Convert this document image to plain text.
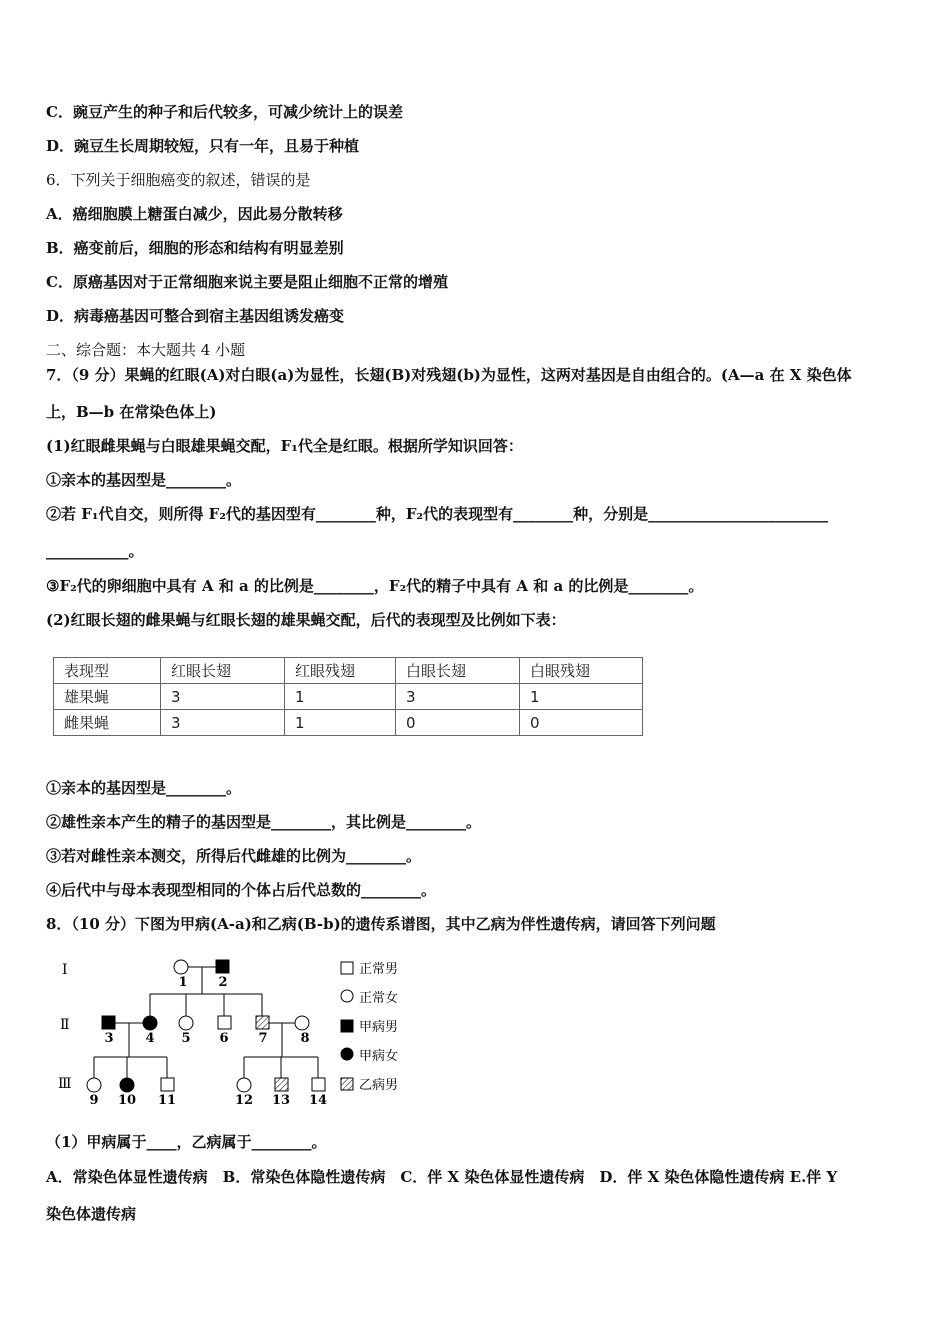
C．豌豆产生的种子和后代较多，可减少统计上的误差
D．豌豆生长周期较短，只有一年，且易于种植
6．下列关于细胞癌变的叙述，错误的是
A．癌细胞膜上糖蛋白减少，因此易分散转移
B．癌变前后，细胞的形态和结构有明显差别
C．原癌基因对于正常细胞来说主要是阻止细胞不正常的增殖
D．病毒癌基因可整合到宿主基因组诱发癌变
二、综合题：本大题共 4 小题
7．（9 分）果蝇的红眼(A)对白眼(a)为显性，长翅(B)对残翅(b)为显性，这两对基因是自由组合的。(A—a 在 X 染色体
上，B—b 在常染色体上)
(1)红眼雌果蝇与白眼雄果蝇交配，F₁代全是红眼。根据所学知识回答：
①亲本的基因型是________。
②若 F₁代自交，则所得 F₂代的基因型有________种，F₂代的表现型有________种，分别是________________________
___________。
③F₂代的卵细胞中具有 A 和 a 的比例是________，F₂代的精子中具有 A 和 a 的比例是________。
(2)红眼长翅的雌果蝇与红眼长翅的雄果蝇交配，后代的表现型及比例如下表：
表现型	红眼长翅	红眼残翅	白眼长翅	白眼残翅
雄果蝇	3	1	3	1
雌果蝇	3	1	0	0
①亲本的基因型是________。
②雄性亲本产生的精子的基因型是________，其比例是________。
③若对雌性亲本测交，所得后代雌雄的比例为________。
④后代中与母本表现型相同的个体占后代总数的________。
8．（10 分）下图为甲病(A-a)和乙病(B-b)的遗传系谱图，其中乙病为伴性遗传病，请回答下列问题
Ⅰ
Ⅱ
Ⅲ
1 2
3 4 5 6 7	8
9 10 11	12 13 14
正常男
正常女
甲病男
甲病女
乙病男
（1）甲病属于____，乙病属于________。
A．常染色体显性遗传病　B．常染色体隐性遗传病　C．伴 X 染色体显性遗传病　D．伴 X 染色体隐性遗传病 E.伴 Y
染色体遗传病
